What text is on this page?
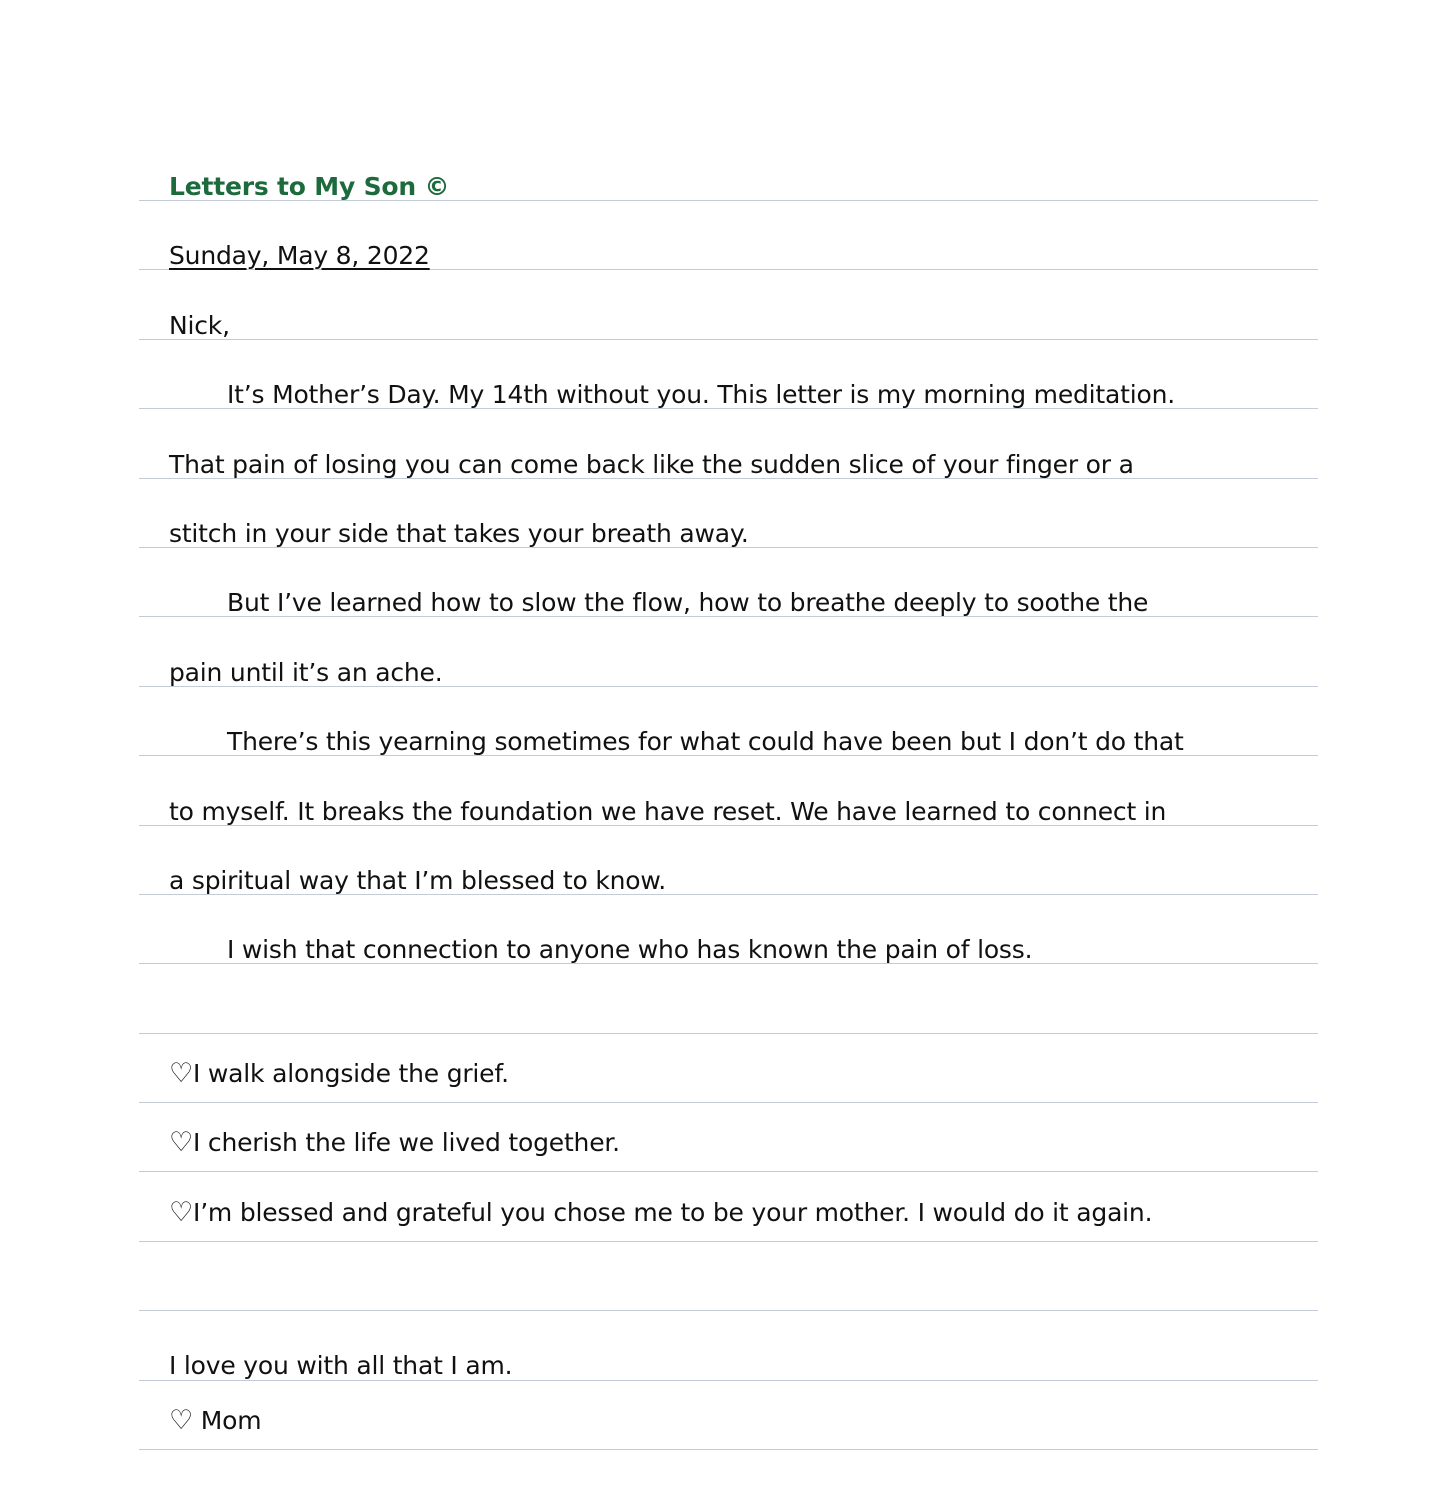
Letters to My Son ©
Sunday, May 8, 2022
Nick,
It’s Mother’s Day. My 14th without you. This letter is my morning meditation.
That pain of losing you can come back like the sudden slice of your finger or a
stitch in your side that takes your breath away.
But I’ve learned how to slow the flow, how to breathe deeply to soothe the
pain until it’s an ache.
There’s this yearning sometimes for what could have been but I don’t do that
to myself. It breaks the foundation we have reset. We have learned to connect in
a spiritual way that I’m blessed to know.
I wish that connection to anyone who has known the pain of loss.
♡I walk alongside the grief.
♡I cherish the life we lived together.
♡I’m blessed and grateful you chose me to be your mother. I would do it again.
I love you with all that I am.
♡ Mom
